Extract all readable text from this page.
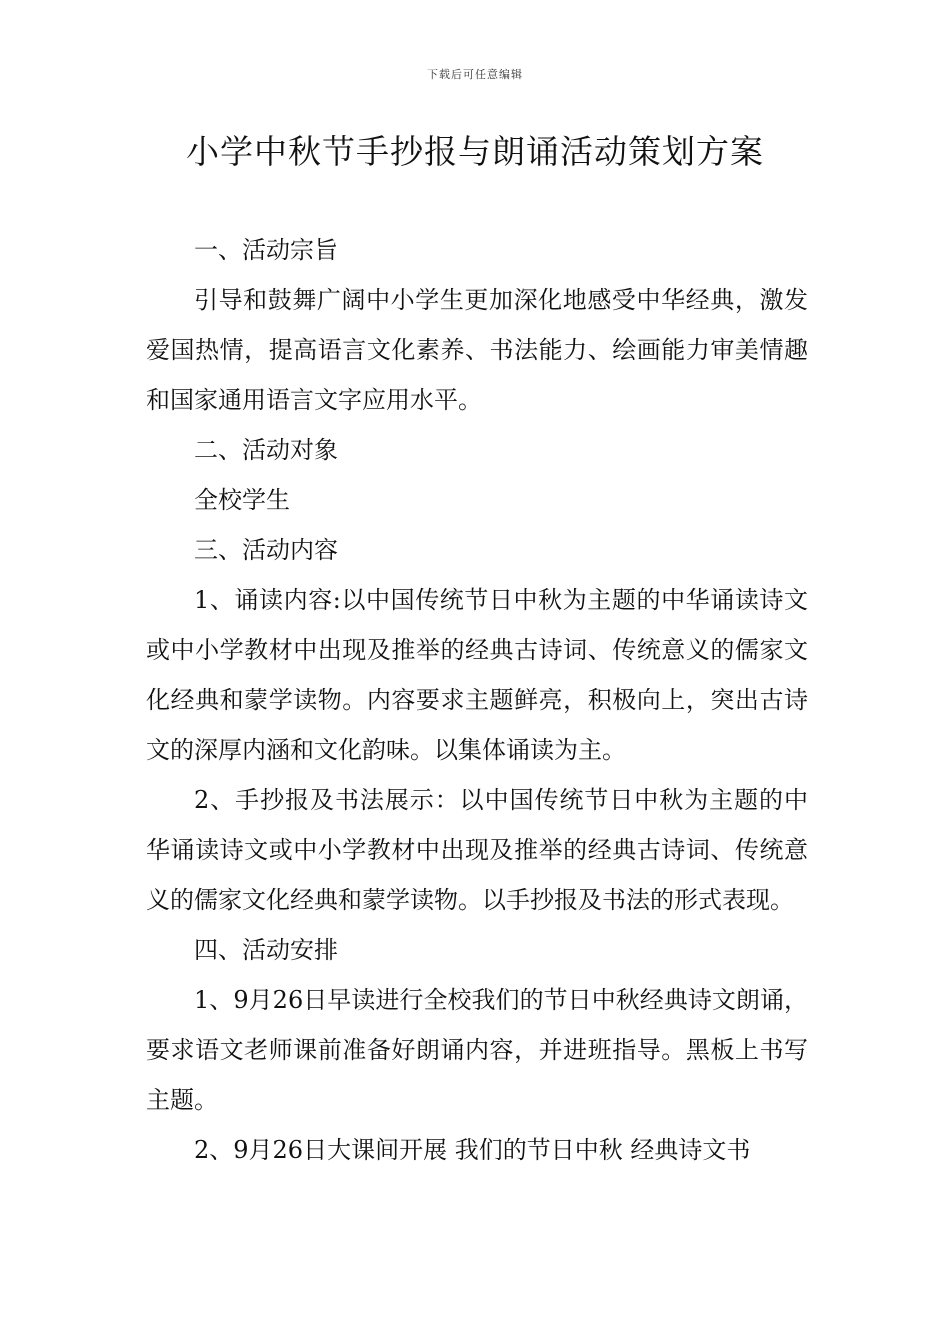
下载后可任意编辑
小学中秋节手抄报与朗诵活动策划方案

一、活动宗旨

引导和鼓舞广阔中小学生更加深化地感受中华经典，激发爱国热情，提高语言文化素养、书法能力、绘画能力审美情趣和国家通用语言文字应用水平。

二、活动对象

全校学生

三、活动内容

1、诵读内容:以中国传统节日中秋为主题的中华诵读诗文或中小学教材中出现及推举的经典古诗词、传统意义的儒家文化经典和蒙学读物。内容要求主题鲜亮，积极向上，突出古诗文的深厚内涵和文化韵味。以集体诵读为主。

2、手抄报及书法展示：以中国传统节日中秋为主题的中华诵读诗文或中小学教材中出现及推举的经典古诗词、传统意义的儒家文化经典和蒙学读物。以手抄报及书法的形式表现。

四、活动安排

1、9月26日早读进行全校我们的节日中秋经典诗文朗诵，要求语文老师课前准备好朗诵内容，并进班指导。黑板上书写主题。

2、9月26日大课间开展 我们的节日中秋 经典诗文书
